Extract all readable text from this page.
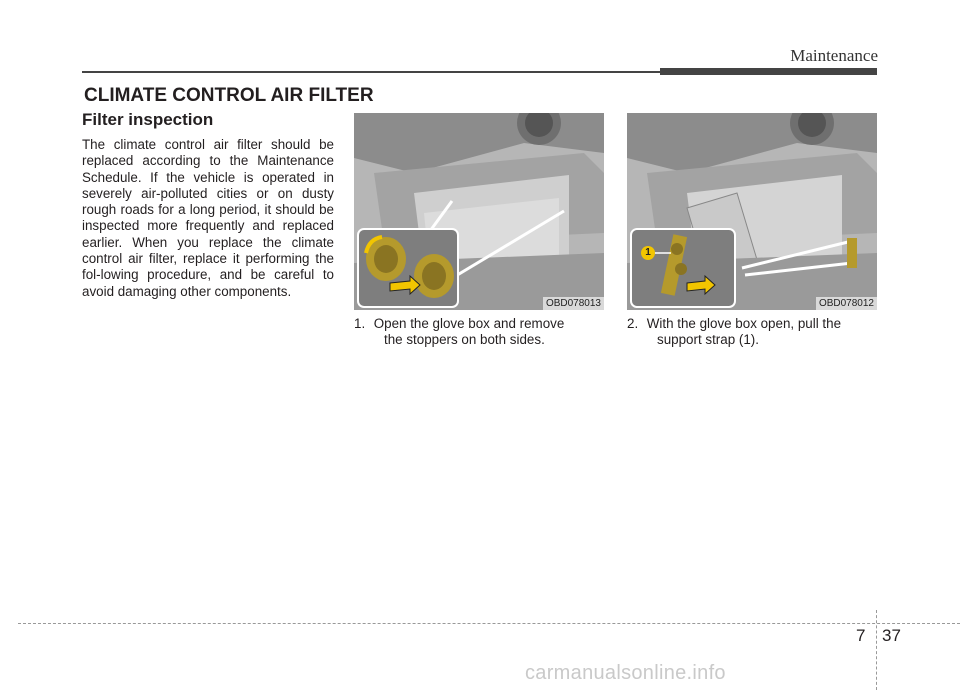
Maintenance
CLIMATE CONTROL AIR FILTER
Filter inspection
The climate control air filter should be replaced according to the Maintenance Schedule. If the vehicle is operated in severely air-polluted cities or on dusty rough roads for a long period, it should be inspected more frequently and replaced earlier. When you replace the climate control air filter, replace it performing the fol-lowing procedure, and be careful to avoid damaging other components.
OBD078013
1
OBD078012
1. Open the glove box and remove
the stoppers on both sides.
2. With the glove box open, pull the
support strap (1).
7 37
carmanualsonline.info
